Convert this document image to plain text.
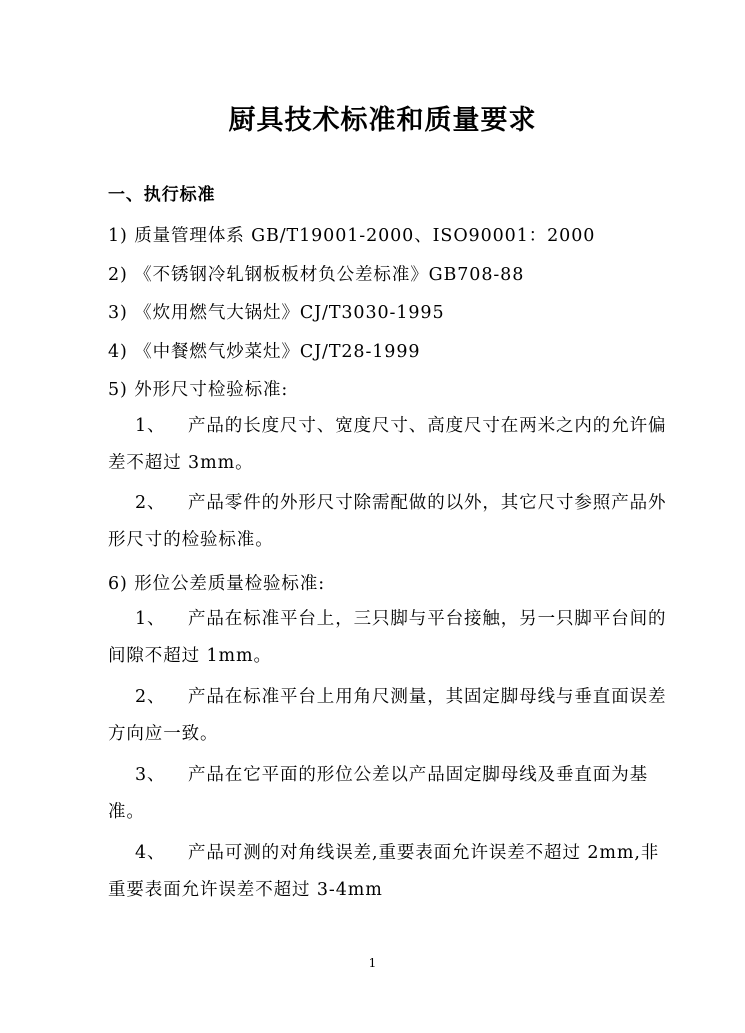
厨具技术标准和质量要求
一、执行标准
1) 质量管理体系 GB/T19001-2000、ISO90001：2000
2) 《不锈钢冷轧钢板板材负公差标准》GB708-88
3) 《炊用燃气大锅灶》CJ/T3030-1995
4) 《中餐燃气炒菜灶》CJ/T28-1999
5) 外形尺寸检验标准:
1、 产品的长度尺寸、宽度尺寸、高度尺寸在两米之内的允许偏差不超过 3mm。
2、 产品零件的外形尺寸除需配做的以外，其它尺寸参照产品外形尺寸的检验标准。
6) 形位公差质量检验标准:
1、 产品在标准平台上，三只脚与平台接触，另一只脚平台间的间隙不超过 1mm。
2、 产品在标准平台上用角尺测量，其固定脚母线与垂直面误差方向应一致。
3、 产品在它平面的形位公差以产品固定脚母线及垂直面为基准。
4、 产品可测的对角线误差,重要表面允许误差不超过 2mm,非重要表面允许误差不超过 3-4mm
1
